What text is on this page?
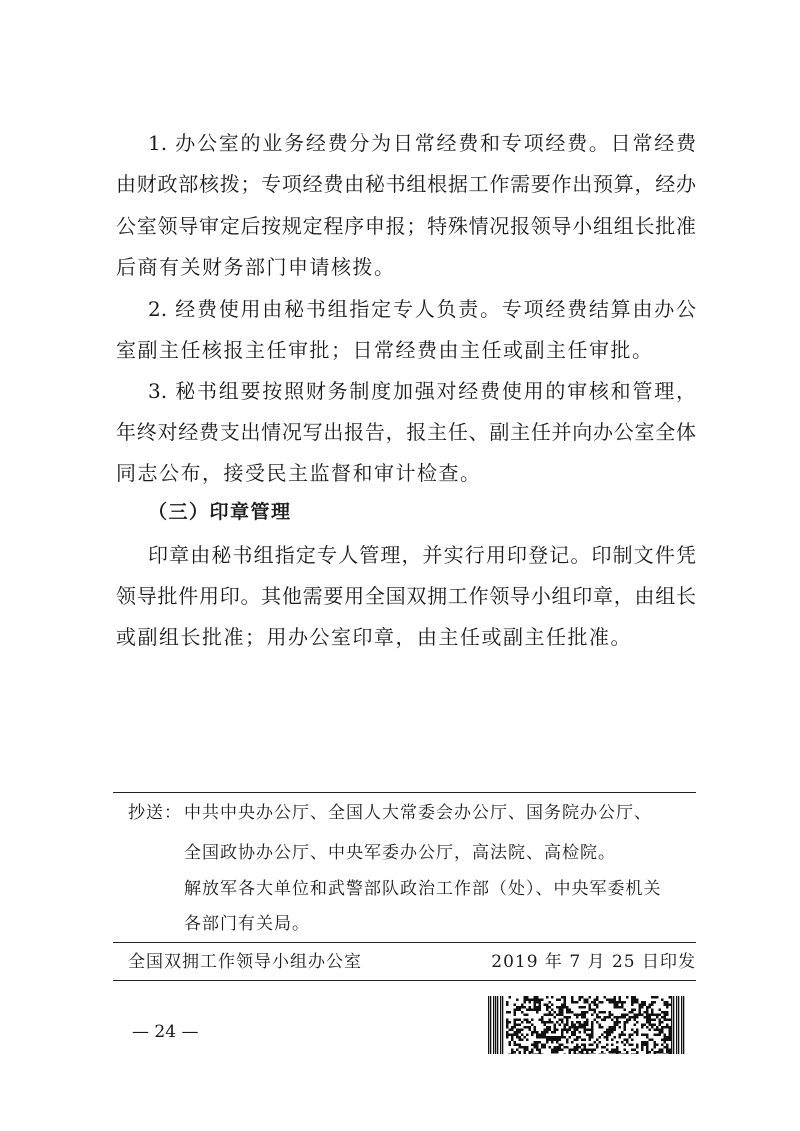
1. 办公室的业务经费分为日常经费和专项经费。日常经费
由财政部核拨；专项经费由秘书组根据工作需要作出预算，经办
公室领导审定后按规定程序申报；特殊情况报领导小组组长批准
后商有关财务部门申请核拨。
2. 经费使用由秘书组指定专人负责。专项经费结算由办公
室副主任核报主任审批；日常经费由主任或副主任审批。
3. 秘书组要按照财务制度加强对经费使用的审核和管理，
年终对经费支出情况写出报告，报主任、副主任并向办公室全体
同志公布，接受民主监督和审计检查。
（三）印章管理
印章由秘书组指定专人管理，并实行用印登记。印制文件凭
领导批件用印。其他需要用全国双拥工作领导小组印章，由组长
或副组长批准；用办公室印章，由主任或副主任批准。
抄送： 中共中央办公厅、全国人大常委会办公厅、国务院办公厅、
全国政协办公厅、中央军委办公厅，高法院、高检院。
解放军各大单位和武警部队政治工作部（处）、中央军委机关
各部门有关局。
全国双拥工作领导小组办公室	2019 年 7 月 25 日印发
— 24 —
